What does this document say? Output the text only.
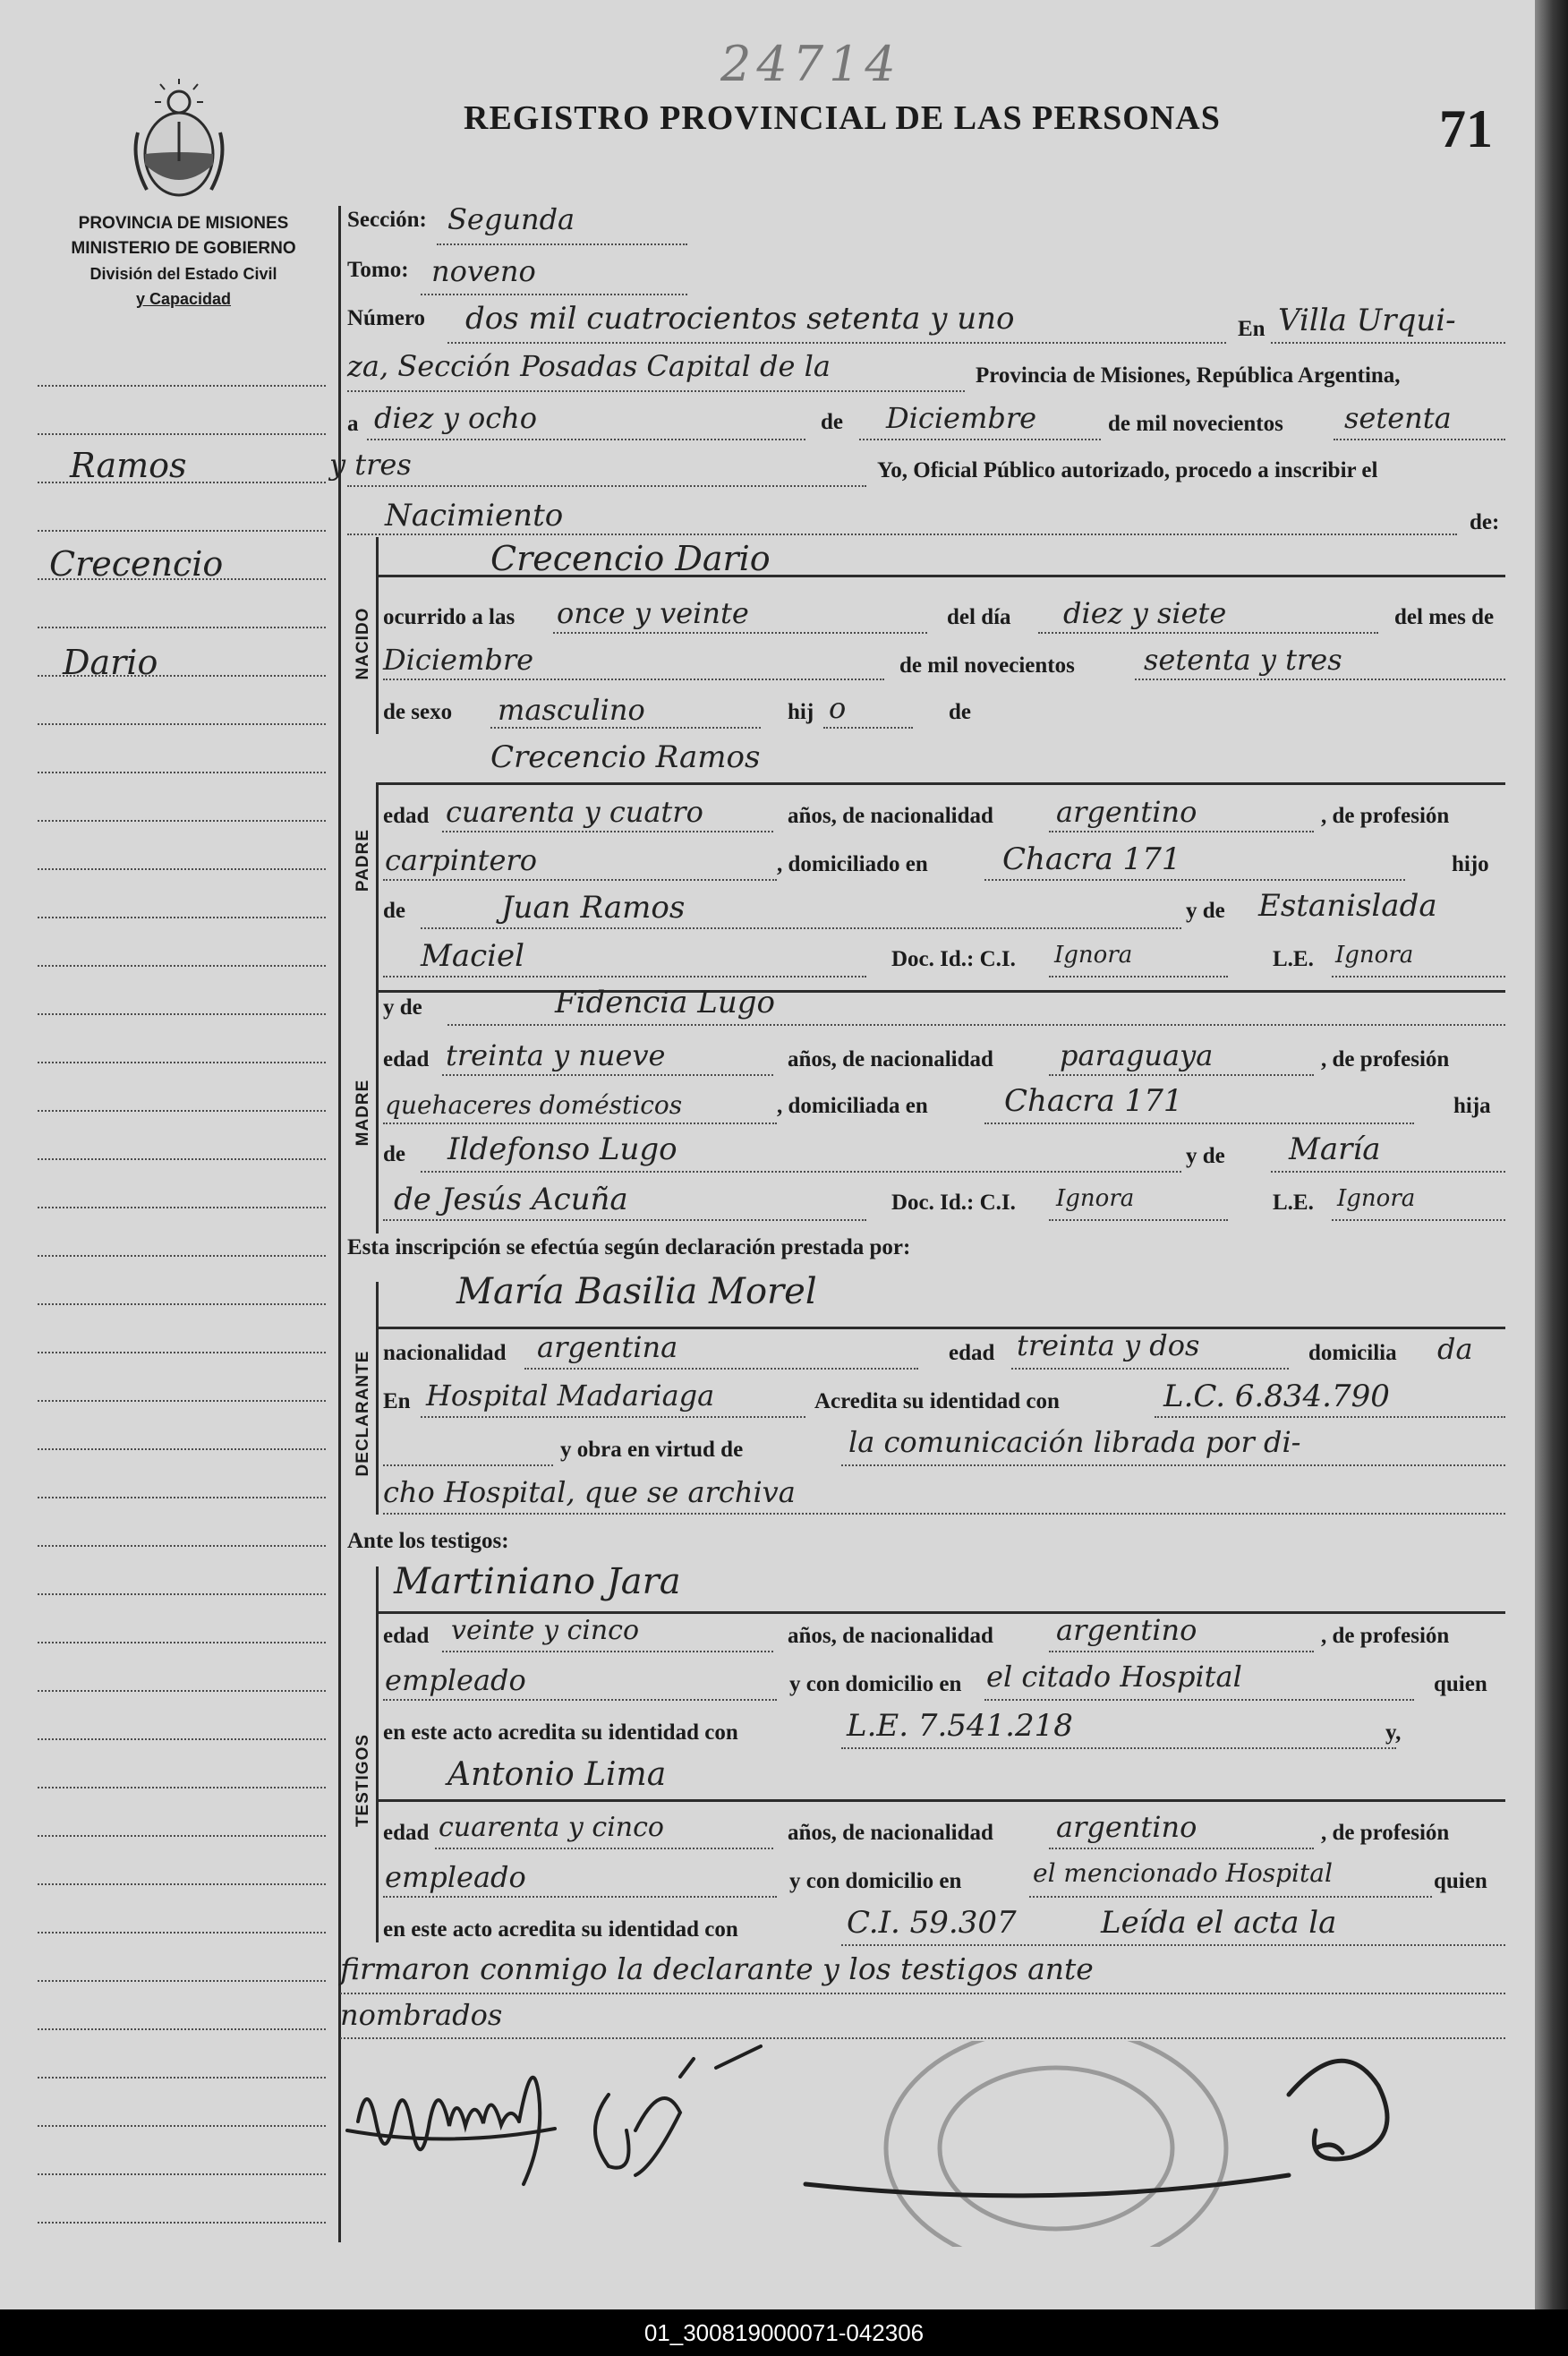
24714
REGISTRO PROVINCIAL DE LAS PERSONAS	71
PROVINCIA DE MISIONES
MINISTERIO DE GOBIERNO
División del Estado Civil
y Capacidad
Ramos
Crecencio
Dario
Sección: Segunda
Tomo: noveno
Número dos mil cuatrocientos setenta y uno	En Villa Urqui-
za, Sección Posadas Capital de la	Provincia de Misiones, República Argentina,
a diez y ocho	de Diciembre	de mil novecientos setenta
y tres	Yo, Oficial Público autorizado, procedo a inscribir el
Nacimiento	de:
NACIDO
Crecencio Dario
ocurrido a las once y veinte	del día diez y siete	del mes de
Diciembre	de mil novecientos setenta y tres
de sexo masculino	hij o	de
PADRE
Crecencio Ramos
edad cuarenta y cuatro	años, de nacionalidad argentino	, de profesión
carpintero	, domiciliado en Chacra 171	hijo
de	Juan Ramos	y de Estanislada
Maciel	Doc. Id.: C.I. Ignora	L.E. Ignora
MADRE
y de	Fidencia Lugo
edad treinta y nueve	años, de nacionalidad paraguaya	, de profesión
quehaceres domésticos	, domiciliada en	Chacra 171	hija
de Ildefonso Lugo	y de María
de Jesús Acuña	Doc. Id.: C.I. Ignora	L.E. Ignora
Esta inscripción se efectúa según declaración prestada por:
María Basilia Morel
DECLARANTE nacionalidad argentina	edad treinta y dos	domicilia da
En Hospital Madariaga	Acredita su identidad con	L.C. 6.834.790
y obra en virtud de	la comunicación librada por di-
cho Hospital, que se archiva
Ante los testigos:
Martiniano Jara
TESTIGOS
edad veinte y cinco	años, de nacionalidad argentino	, de profesión
empleado	y con domicilio en el citado Hospital	quien
en este acto acredita su identidad con	L.E. 7.541.218	y,
Antonio Lima
edad cuarenta y cinco	años, de nacionalidad argentino	, de profesión
empleado	y con domicilio en	el mencionado Hospital	quien
en este acto acredita su identidad con	C.I. 59.307	Leída el acta la
firmaron conmigo la declarante y los testigos ante
nombrados
01_300819000071-042306
